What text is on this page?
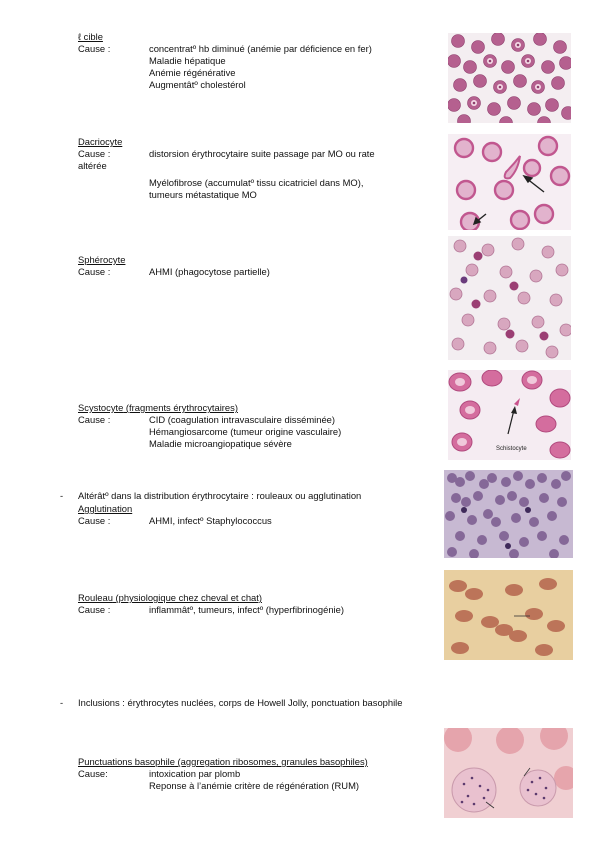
ℓ cible
Cause :	concentratº hb diminué (anémie par déficience en fer)
Maladie hépatique
Anémie régénérative
Augmentâtº cholestérol
Dacriocyte
Cause :	distorsion érythrocytaire suite passage par MO ou rate
altérée
Myélofibrose (accumulatº tissu cicatriciel dans MO),
tumeurs métastatique MO
Sphérocyte
Cause :	AHMI (phagocytose partielle)
Scystocyte (fragments érythrocytaires)
Cause :	CID (coagulation intravasculaire disséminée)
Hémangiosarcome (tumeur origine vasculaire)
Maladie microangiopatique sévère
- Altérâtº dans la distribution érythrocytaire : rouleaux ou agglutination
Agglutination
Cause :	AHMI, infectº Staphylococcus
Rouleau (physiologique chez cheval et chat)
Cause :	inflammâtº, tumeurs, infectº (hyperfibrinogénie)
- Inclusions : érythrocytes nuclées, corps de Howell Jolly, ponctuation basophile
Punctuations basophile (aggregation ribosomes, granules basophiles)
Cause:	intoxication par plomb
Reponse à l’anémie critère de régénération (RUM)
Schistocyte
